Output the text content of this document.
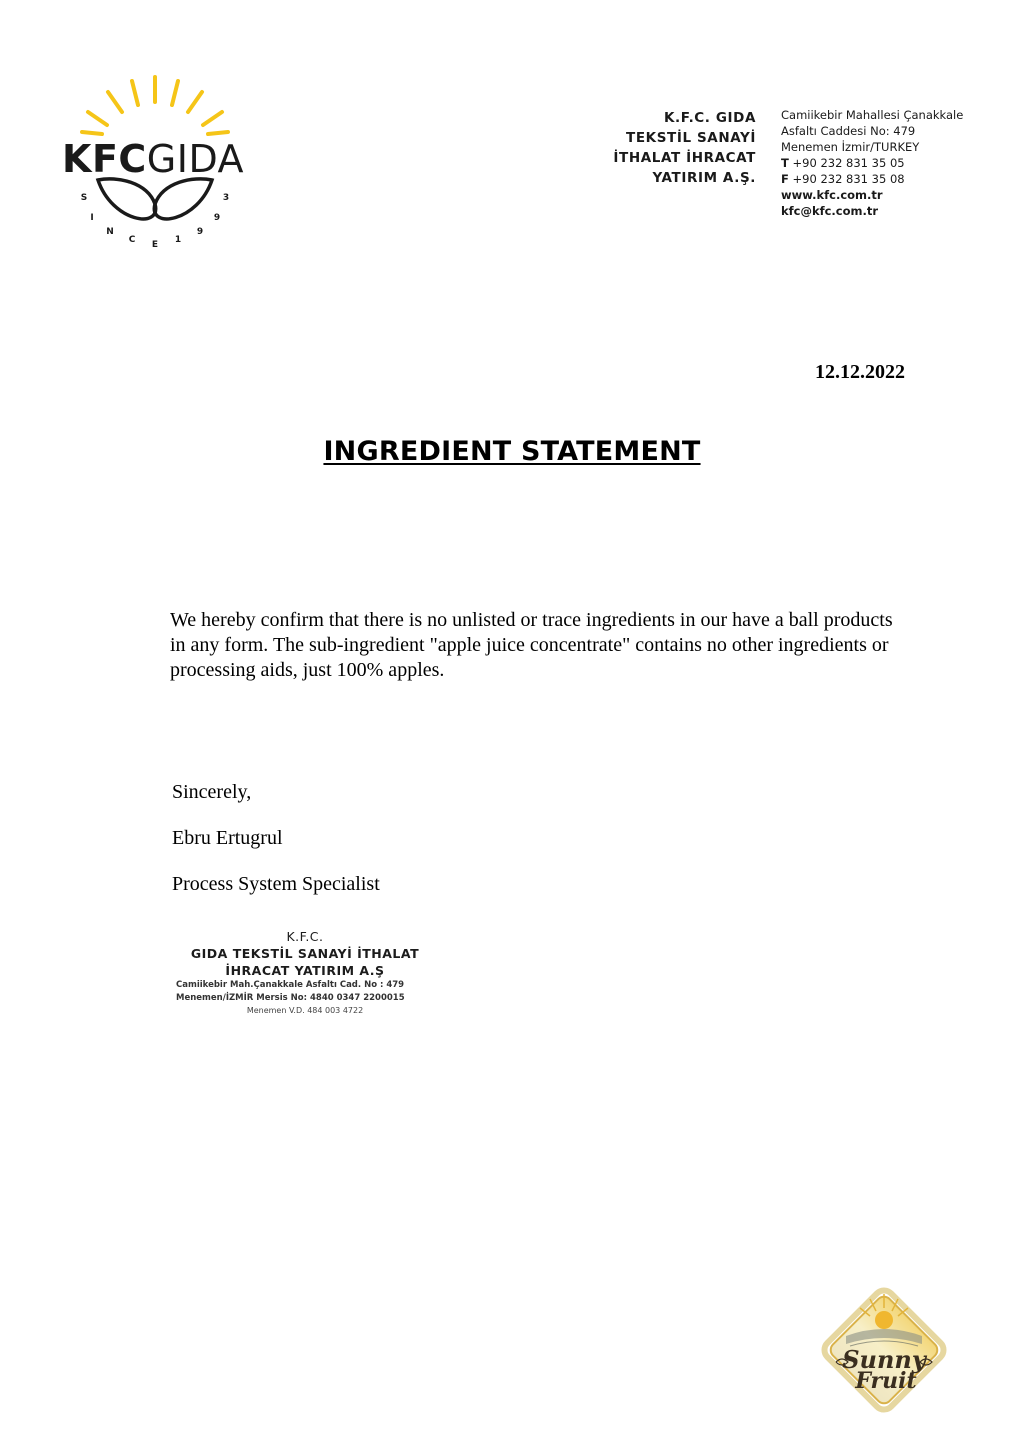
S
I
N
C E 1
9
9
3
KFCGIDA
K.F.C. GIDA
TEKSTİL SANAYİ
İTHALAT İHRACAT
YATIRIM A.Ş.
Camiikebir Mahallesi Çanakkale
Asfaltı Caddesi No: 479
Menemen İzmir/TURKEY
T +90 232 831 35 05
F +90 232 831 35 08
www.kfc.com.tr
kfc@kfc.com.tr
12.12.2022
INGREDIENT STATEMENT
We hereby confirm that there is no unlisted or trace ingredients in our have a ball products in any form. The sub-ingredient "apple juice concentrate" contains no other ingredients or processing aids, just 100% apples.
Sincerely,
Ebru Ertugrul
Process System Specialist
K.F.C.
GIDA TEKSTİL SANAYİ İTHALAT
İHRACAT YATIRIM A.Ş
Camiikebir Mah.Çanakkale Asfaltı Cad. No : 479
Menemen/İZMİR Mersis No: 4840 0347 2200015
Menemen V.D. 484 003 4722
Sunny
Fruit
